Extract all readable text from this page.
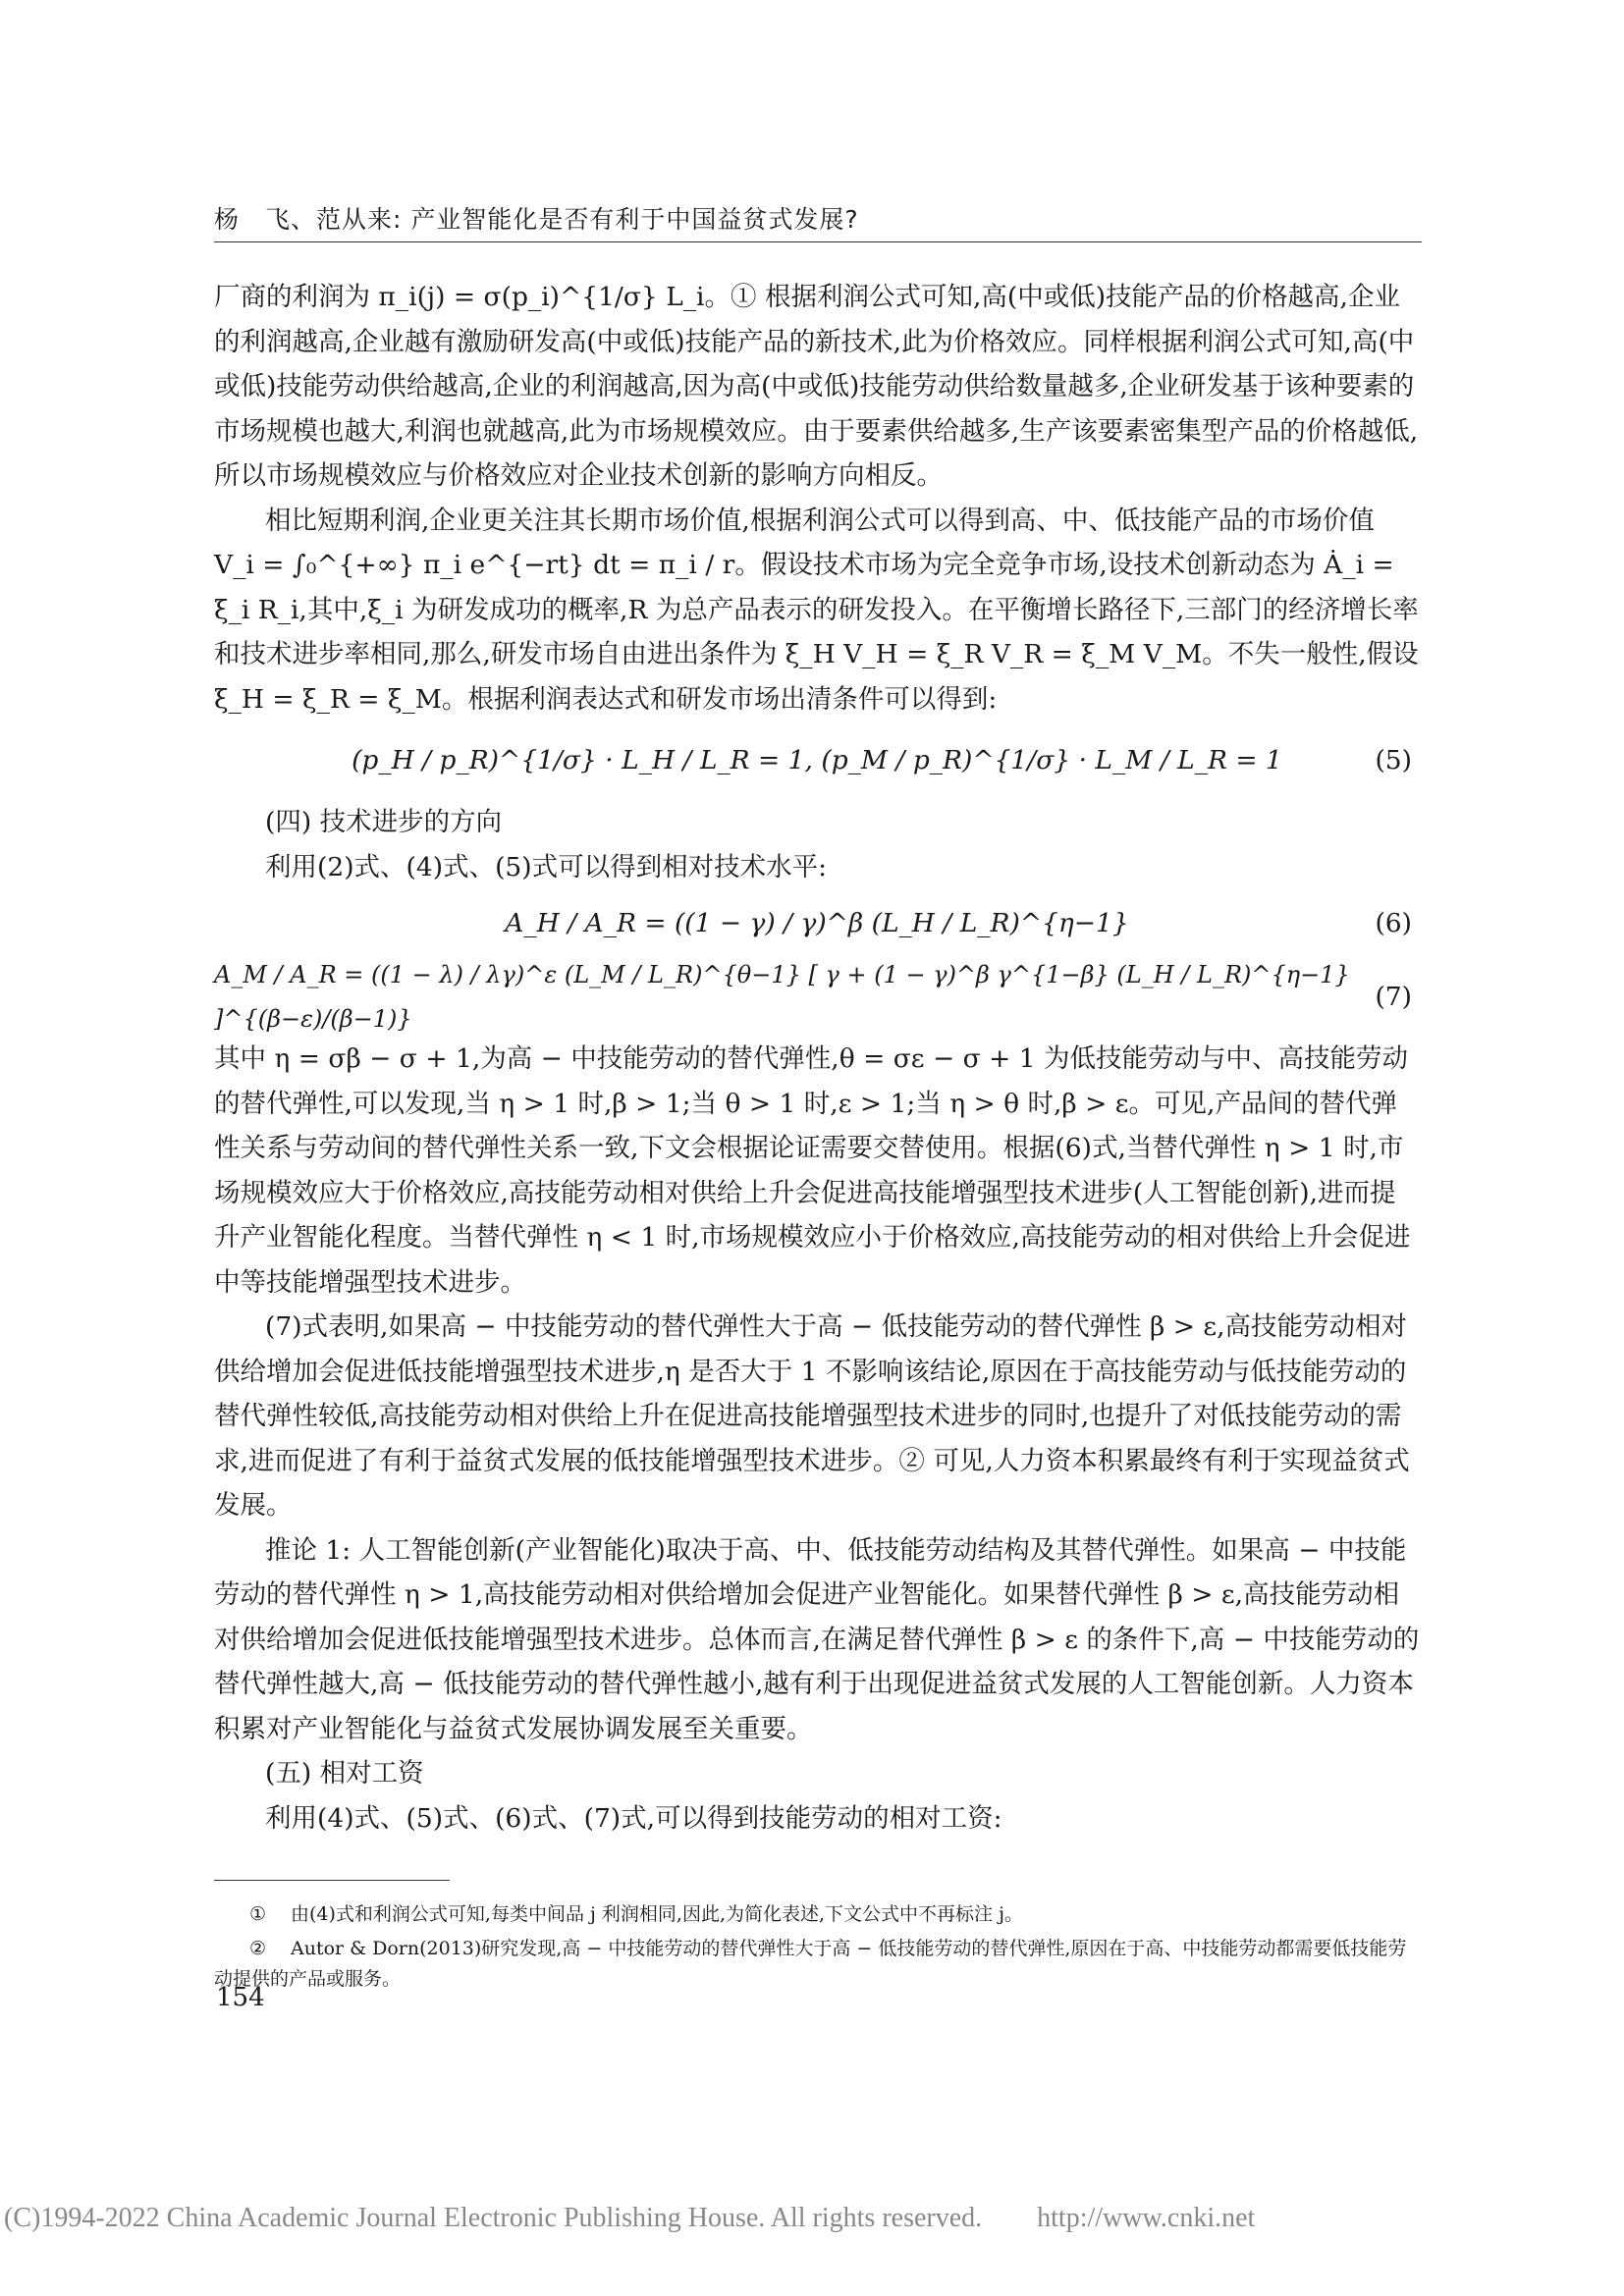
杨　飞、范从来: 产业智能化是否有利于中国益贫式发展?

厂商的利润为 π_i(j) = σ(p_i)^{1/σ} L_i。① 根据利润公式可知,高(中或低)技能产品的价格越高,企业的利润越高,企业越有激励研发高(中或低)技能产品的新技术,此为价格效应。同样根据利润公式可知,高(中或低)技能劳动供给越高,企业的利润越高,因为高(中或低)技能劳动供给数量越多,企业研发基于该种要素的市场规模也越大,利润也就越高,此为市场规模效应。由于要素供给越多,生产该要素密集型产品的价格越低,所以市场规模效应与价格效应对企业技术创新的影响方向相反。

相比短期利润,企业更关注其长期市场价值,根据利润公式可以得到高、中、低技能产品的市场价值 V_i = ∫₀^{+∞} π_i e^{−rt} dt = π_i / r。假设技术市场为完全竞争市场,设技术创新动态为 Ȧ_i = ξ_i R_i,其中,ξ_i 为研发成功的概率,R 为总产品表示的研发投入。在平衡增长路径下,三部门的经济增长率和技术进步率相同,那么,研发市场自由进出条件为 ξ_H V_H = ξ_R V_R = ξ_M V_M。不失一般性,假设 ξ_H = ξ_R = ξ_M。根据利润表达式和研发市场出清条件可以得到:

(p_H / p_R)^{1/σ} · L_H / L_R = 1, (p_M / p_R)^{1/σ} · L_M / L_R = 1	(5)

(四) 技术进步的方向

利用(2)式、(4)式、(5)式可以得到相对技术水平:

A_H / A_R = ((1 − γ) / γ)^β (L_H / L_R)^{η−1}	(6)
A_M / A_R = ((1 − λ) / λγ)^ε (L_M / L_R)^{θ−1} [ γ + (1 − γ)^β γ^{1−β} (L_H / L_R)^{η−1} ]^{(β−ε)/(β−1)}
(7)

其中 η = σβ − σ + 1,为高 − 中技能劳动的替代弹性,θ = σε − σ + 1 为低技能劳动与中、高技能劳动的替代弹性,可以发现,当 η > 1 时,β > 1;当 θ > 1 时,ε > 1;当 η > θ 时,β > ε。可见,产品间的替代弹性关系与劳动间的替代弹性关系一致,下文会根据论证需要交替使用。根据(6)式,当替代弹性 η > 1 时,市场规模效应大于价格效应,高技能劳动相对供给上升会促进高技能增强型技术进步(人工智能创新),进而提升产业智能化程度。当替代弹性 η < 1 时,市场规模效应小于价格效应,高技能劳动的相对供给上升会促进中等技能增强型技术进步。

(7)式表明,如果高 − 中技能劳动的替代弹性大于高 − 低技能劳动的替代弹性 β > ε,高技能劳动相对供给增加会促进低技能增强型技术进步,η 是否大于 1 不影响该结论,原因在于高技能劳动与低技能劳动的替代弹性较低,高技能劳动相对供给上升在促进高技能增强型技术进步的同时,也提升了对低技能劳动的需求,进而促进了有利于益贫式发展的低技能增强型技术进步。② 可见,人力资本积累最终有利于实现益贫式发展。

推论 1: 人工智能创新(产业智能化)取决于高、中、低技能劳动结构及其替代弹性。如果高 − 中技能劳动的替代弹性 η > 1,高技能劳动相对供给增加会促进产业智能化。如果替代弹性 β > ε,高技能劳动相对供给增加会促进低技能增强型技术进步。总体而言,在满足替代弹性 β > ε 的条件下,高 − 中技能劳动的替代弹性越大,高 − 低技能劳动的替代弹性越小,越有利于出现促进益贫式发展的人工智能创新。人力资本积累对产业智能化与益贫式发展协调发展至关重要。

(五) 相对工资

利用(4)式、(5)式、(6)式、(7)式,可以得到技能劳动的相对工资:

① 由(4)式和利润公式可知,每类中间品 j 利润相同,因此,为简化表述,下文公式中不再标注 j。

② Autor & Dorn(2013)研究发现,高 − 中技能劳动的替代弹性大于高 − 低技能劳动的替代弹性,原因在于高、中技能劳动都需要低技能劳动提供的产品或服务。

154
(C)1994-2022 China Academic Journal Electronic Publishing House. All rights reserved.　　http://www.cnki.net
